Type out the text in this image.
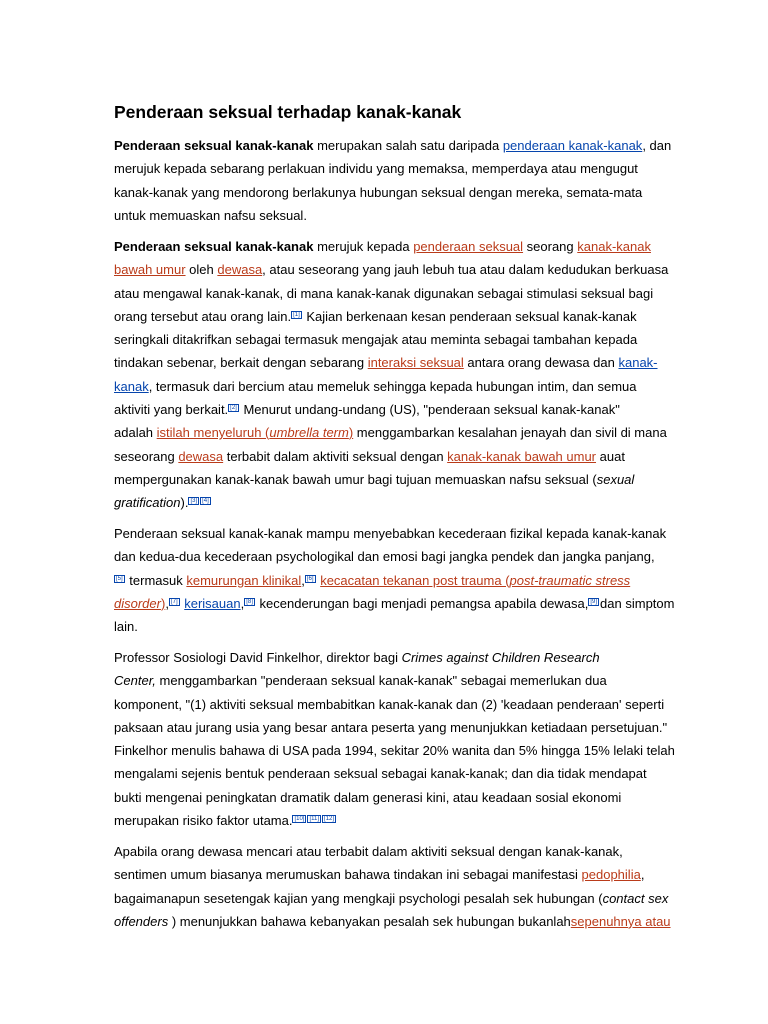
Penderaan seksual terhadap kanak-kanak

Penderaan seksual kanak-kanak merupakan salah satu daripada penderaan kanak-kanak, dan
merujuk kepada sebarang perlakuan individu yang memaksa, memperdaya atau mengugut
kanak-kanak yang mendorong berlakunya hubungan seksual dengan mereka, semata-mata
untuk memuaskan nafsu seksual.

Penderaan seksual kanak-kanak merujuk kepada penderaan seksual seorang kanak-kanak
bawah umur oleh dewasa, atau seseorang yang jauh lebuh tua atau dalam kedudukan berkuasa
atau mengawal kanak-kanak, di mana kanak-kanak digunakan sebagai stimulasi seksual bagi
orang tersebut atau orang lain. [1] Kajian berkenaan kesan penderaan seksual kanak-kanak
seringkali ditakrifkan sebagai termasuk mengajak atau meminta sebagai tambahan kepada
tindakan sebenar, berkait dengan sebarang interaksi seksual antara orang dewasa dan kanak-
kanak, termasuk dari bercium atau memeluk sehingga kepada hubungan intim, dan semua
aktiviti yang berkait. [2] Menurut undang-undang (US), "penderaan seksual kanak-kanak"
adalah istilah menyeluruh (umbrella term) menggambarkan kesalahan jenayah dan sivil di mana
seseorang dewasa terbabit dalam aktiviti seksual dengan kanak-kanak bawah umur auat
mempergunakan kanak-kanak bawah umur bagi tujuan memuaskan nafsu seksual (sexual
gratification). [3] [4]

Penderaan seksual kanak-kanak mampu menyebabkan kecederaan fizikal kepada kanak-kanak
dan kedua-dua kecederaan psychologikal dan emosi bagi jangka pendek dan jangka panjang,
[5] termasuk kemurungan klinikal, [6] kecacatan tekanan post trauma (post-traumatic stress
disorder), [7] kerisauan, [8] kecenderungan bagi menjadi pemangsa apabila dewasa, [9] dan simptom
lain.

Professor Sosiologi David Finkelhor, direktor bagi Crimes against Children Research
Center, menggambarkan "penderaan seksual kanak-kanak" sebagai memerlukan dua
komponent, "(1) aktiviti seksual membabitkan kanak-kanak dan (2) 'keadaan penderaan' seperti
paksaan atau jurang usia yang besar antara peserta yang menunjukkan ketiadaan persetujuan."
Finkelhor menulis bahawa di USA pada 1994, sekitar 20% wanita dan 5% hingga 15% lelaki telah
mengalami sejenis bentuk penderaan seksual sebagai kanak-kanak; dan dia tidak mendapat
bukti mengenai peningkatan dramatik dalam generasi kini, atau keadaan sosial ekonomi
merupakan risiko faktor utama. [10] [11] [12]

Apabila orang dewasa mencari atau terbabit dalam aktiviti seksual dengan kanak-kanak,
sentimen umum biasanya merumuskan bahawa tindakan ini sebagai manifestasi pedophilia,
bagaimanapun sesetengak kajian yang mengkaji psychologi pesalah sek hubungan (contact sex
offenders ) menunjukkan bahawa kebanyakan pesalah sek hubungan bukanlahsepenuhnya atau
